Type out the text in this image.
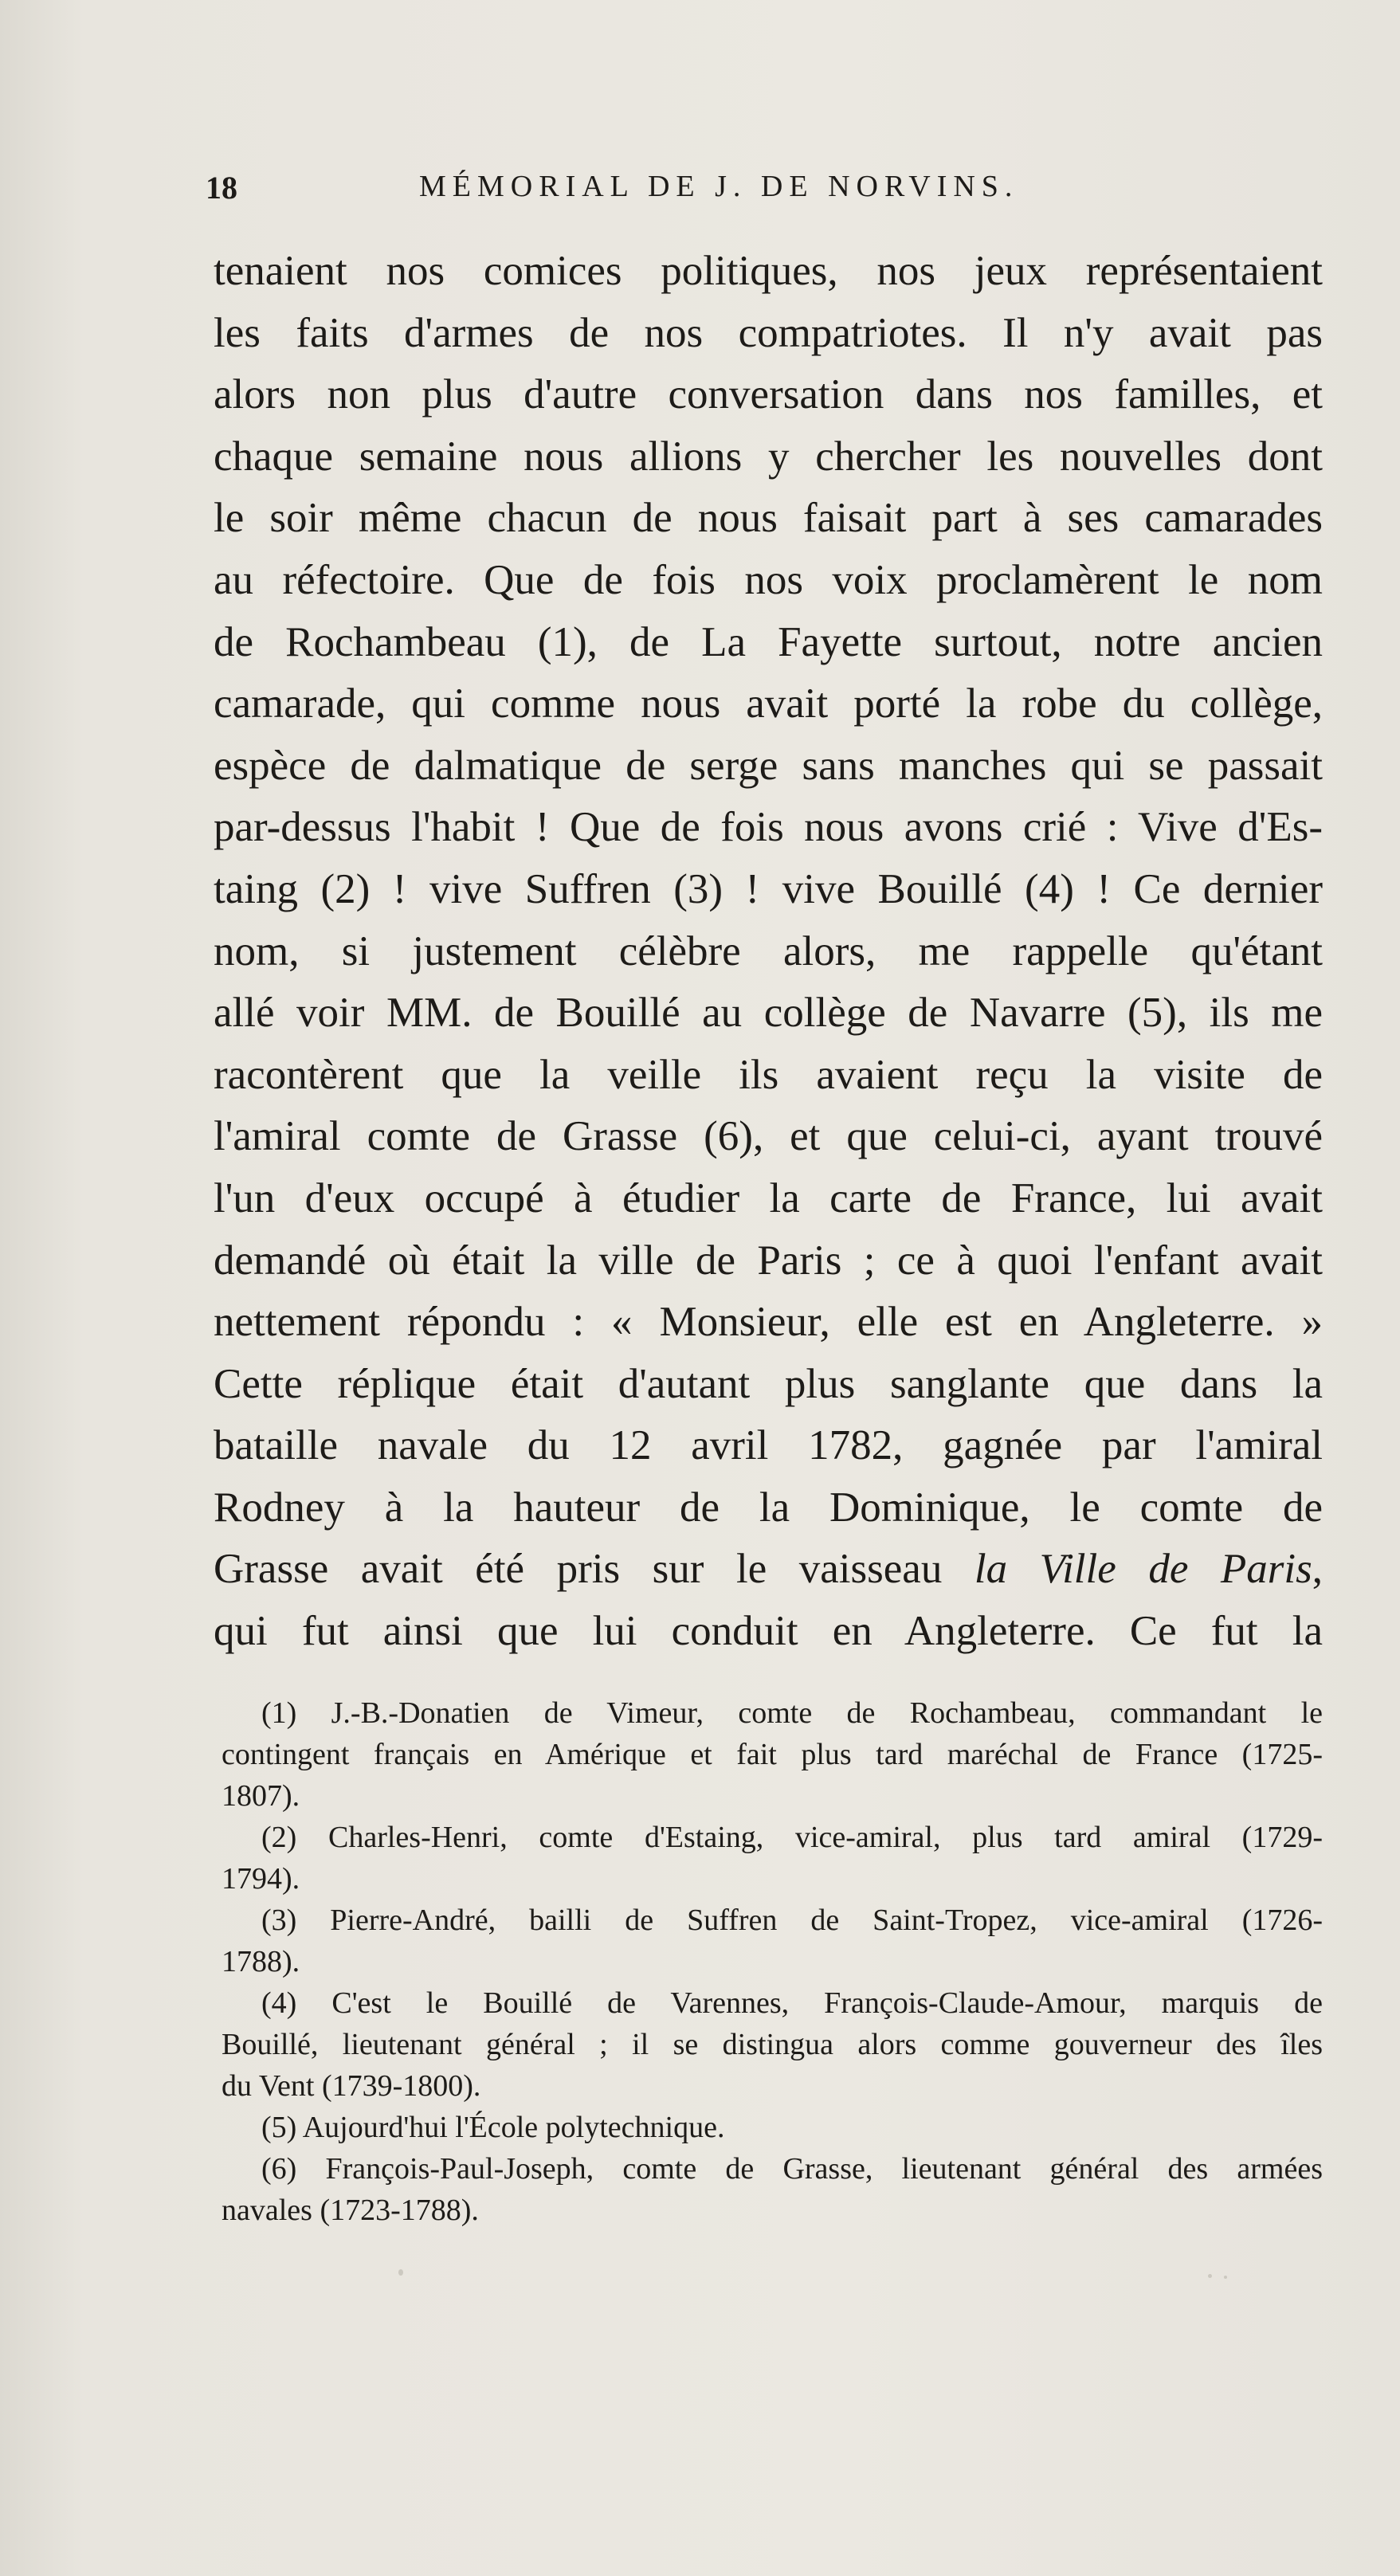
18	MÉMORIAL DE J. DE NORVINS.
tenaient nos comices politiques, nos jeux représentaient
les faits d'armes de nos compatriotes. Il n'y avait pas
alors non plus d'autre conversation dans nos familles, et
chaque semaine nous allions y chercher les nouvelles dont
le soir même chacun de nous faisait part à ses camarades
au réfectoire. Que de fois nos voix proclamèrent le nom
de Rochambeau (1), de La Fayette surtout, notre ancien
camarade, qui comme nous avait porté la robe du collège,
espèce de dalmatique de serge sans manches qui se passait
par-dessus l'habit ! Que de fois nous avons crié : Vive d'Es-
taing (2) ! vive Suffren (3) ! vive Bouillé (4) ! Ce dernier
nom, si justement célèbre alors, me rappelle qu'étant
allé voir MM. de Bouillé au collège de Navarre (5), ils me
racontèrent que la veille ils avaient reçu la visite de
l'amiral comte de Grasse (6), et que celui-ci, ayant trouvé
l'un d'eux occupé à étudier la carte de France, lui avait
demandé où était la ville de Paris ; ce à quoi l'enfant avait
nettement répondu : « Monsieur, elle est en Angleterre. »
Cette réplique était d'autant plus sanglante que dans la
bataille navale du 12 avril 1782, gagnée par l'amiral
Rodney à la hauteur de la Dominique, le comte de
Grasse avait été pris sur le vaisseau la Ville de Paris,
qui fut ainsi que lui conduit en Angleterre. Ce fut la
(1) J.-B.-Donatien de Vimeur, comte de Rochambeau, commandant le
contingent français en Amérique et fait plus tard maréchal de France (1725-
1807).
(2) Charles-Henri, comte d'Estaing, vice-amiral, plus tard amiral (1729-
1794).
(3) Pierre-André, bailli de Suffren de Saint-Tropez, vice-amiral (1726-
1788).
(4) C'est le Bouillé de Varennes, François-Claude-Amour, marquis de
Bouillé, lieutenant général ; il se distingua alors comme gouverneur des îles
du Vent (1739-1800).
(5) Aujourd'hui l'École polytechnique.
(6) François-Paul-Joseph, comte de Grasse, lieutenant général des armées
navales (1723-1788).
